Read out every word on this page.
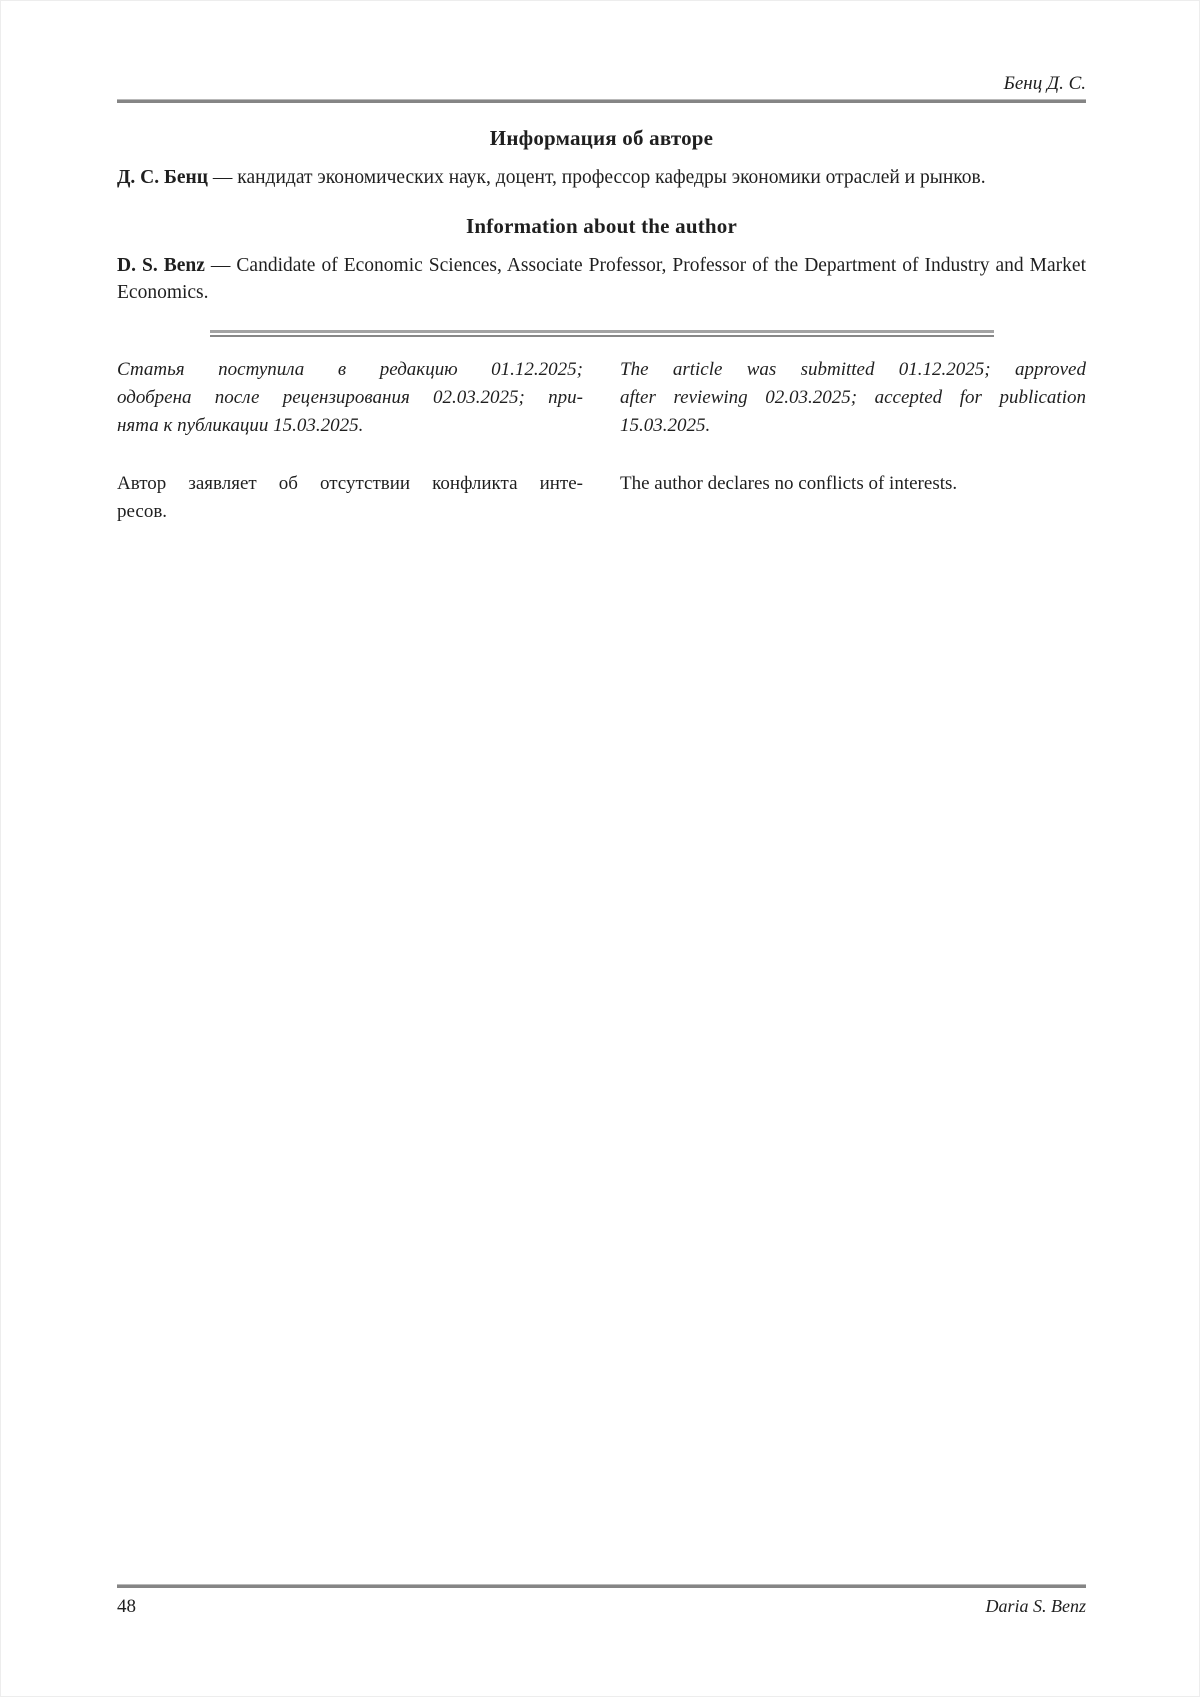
Бенц Д. С.
Информация об авторе

Д. С. Бенц — кандидат экономических наук, доцент, профессор кафедры экономики отраслей и рынков.

Information about the author

D. S. Benz — Candidate of Economic Sciences, Associate Professor, Professor of the Department of Industry and Market Economics.

Статья поступила в редакцию 01.12.2025;
одобрена после рецензирования 02.03.2025; при-
нята к публикации 15.03.2025.
Автор заявляет об отсутствии конфликта инте-
ресов.
The article was submitted 01.12.2025; approved
after reviewing 02.03.2025; accepted for publication
15.03.2025.
The author declares no conflicts of interests.
48	Daria S. Benz
